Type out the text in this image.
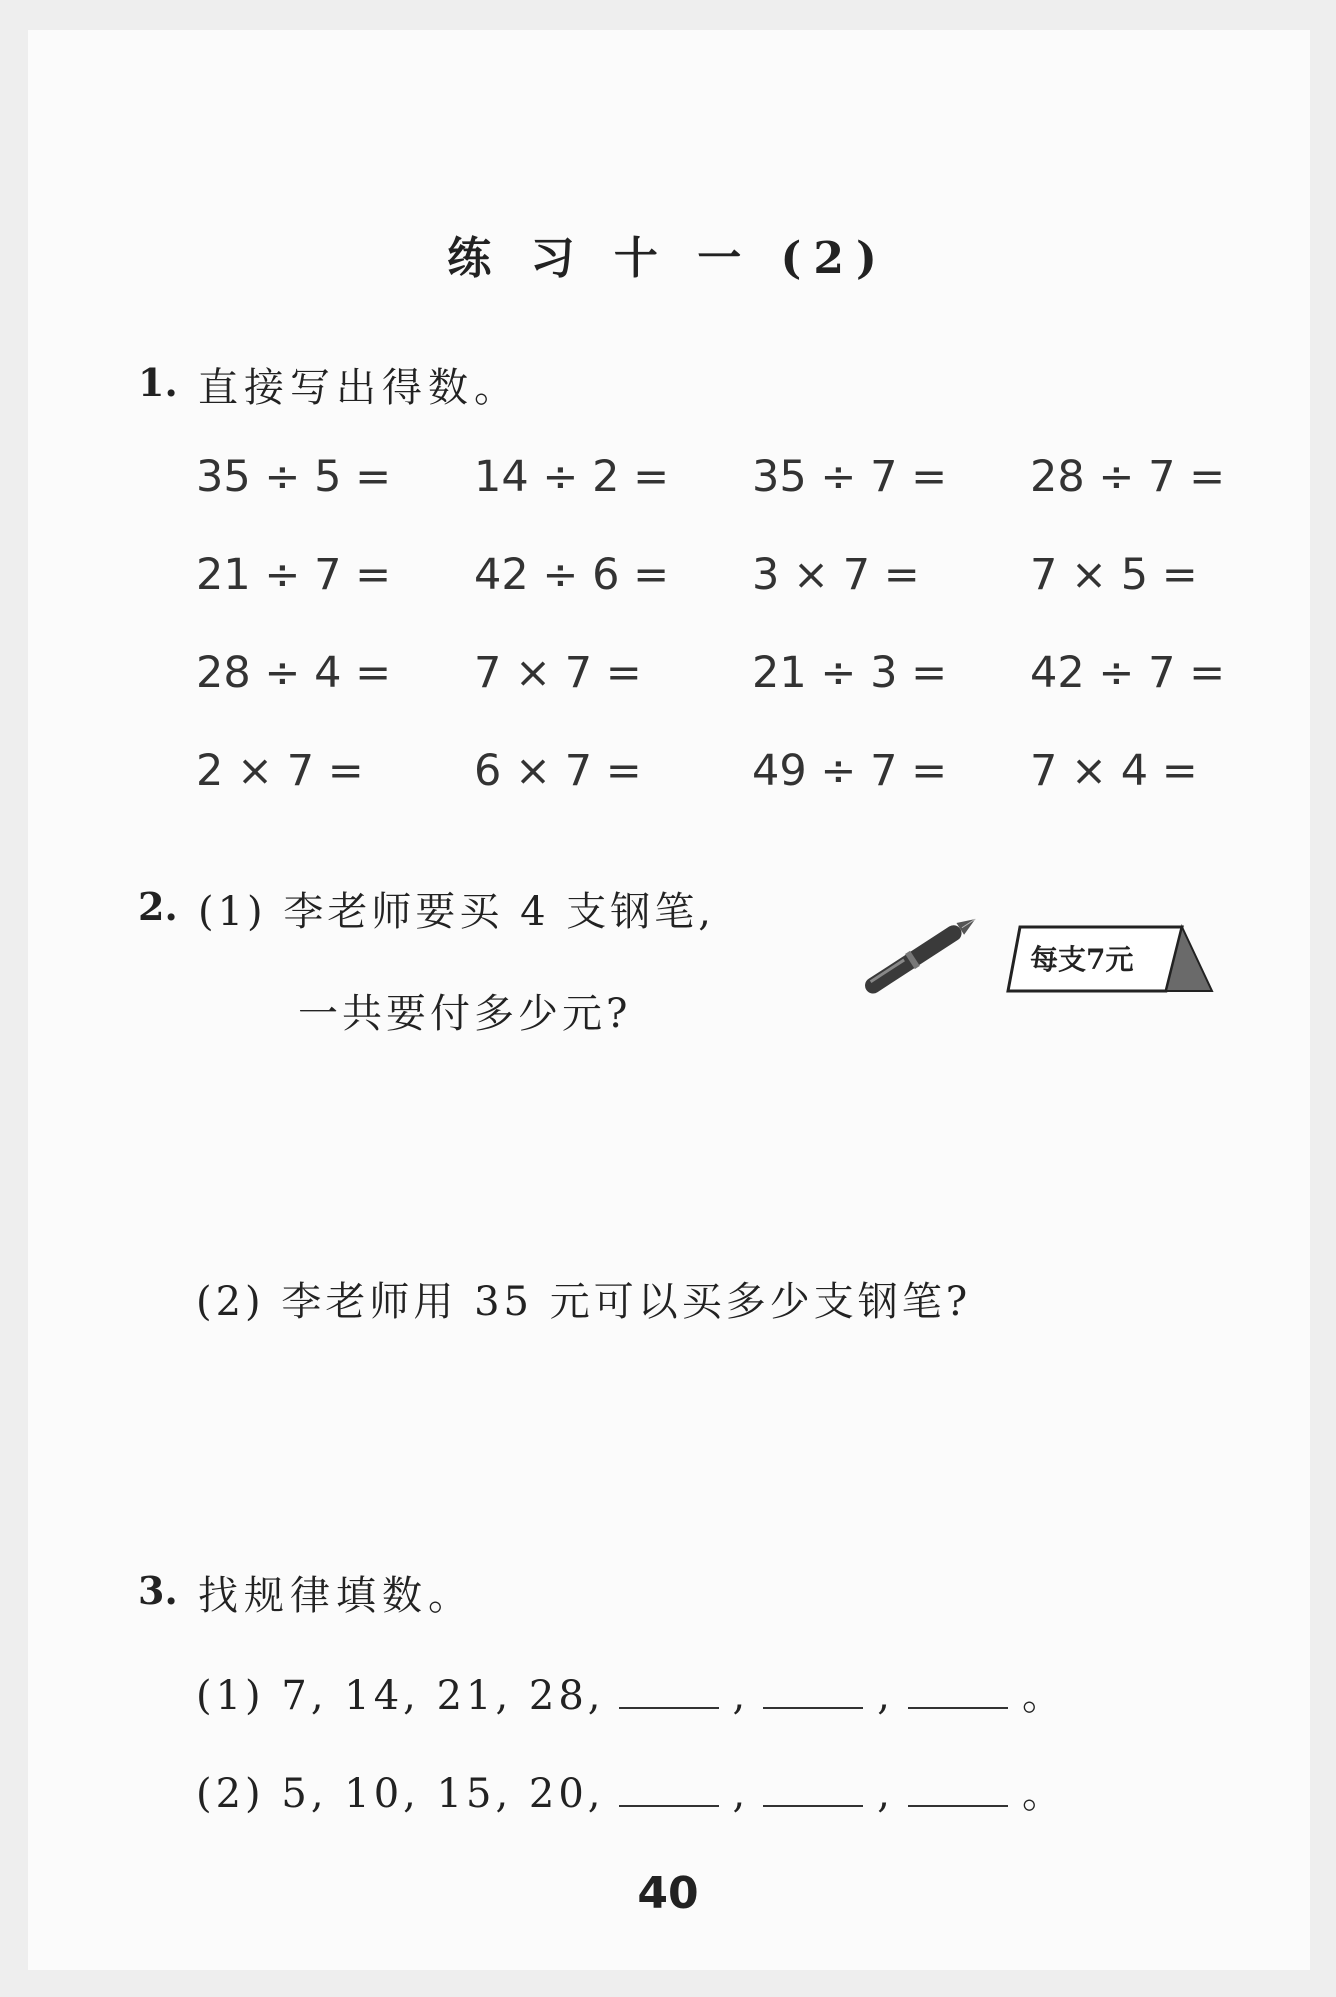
练 习 十 一 (2)
1. 直接写出得数。
35 ÷ 5 = 14 ÷ 2 = 35 ÷ 7 = 28 ÷ 7 =
21 ÷ 7 = 42 ÷ 6 = 3 × 7 =	7 × 5 =
28 ÷ 4 = 7 × 7 =	21 ÷ 3 = 42 ÷ 7 =
2 × 7 =	6 × 7 =	49 ÷ 7 = 7 × 4 =
2. (1) 李老师要买 4 支钢笔,
一共要付多少元?
每支7元
(2) 李老师用 35 元可以买多少支钢笔?
3. 找规律填数。
(1) 7, 14, 21, 28,	,	,	。
(2) 5, 10, 15, 20,	,	,	。
40
